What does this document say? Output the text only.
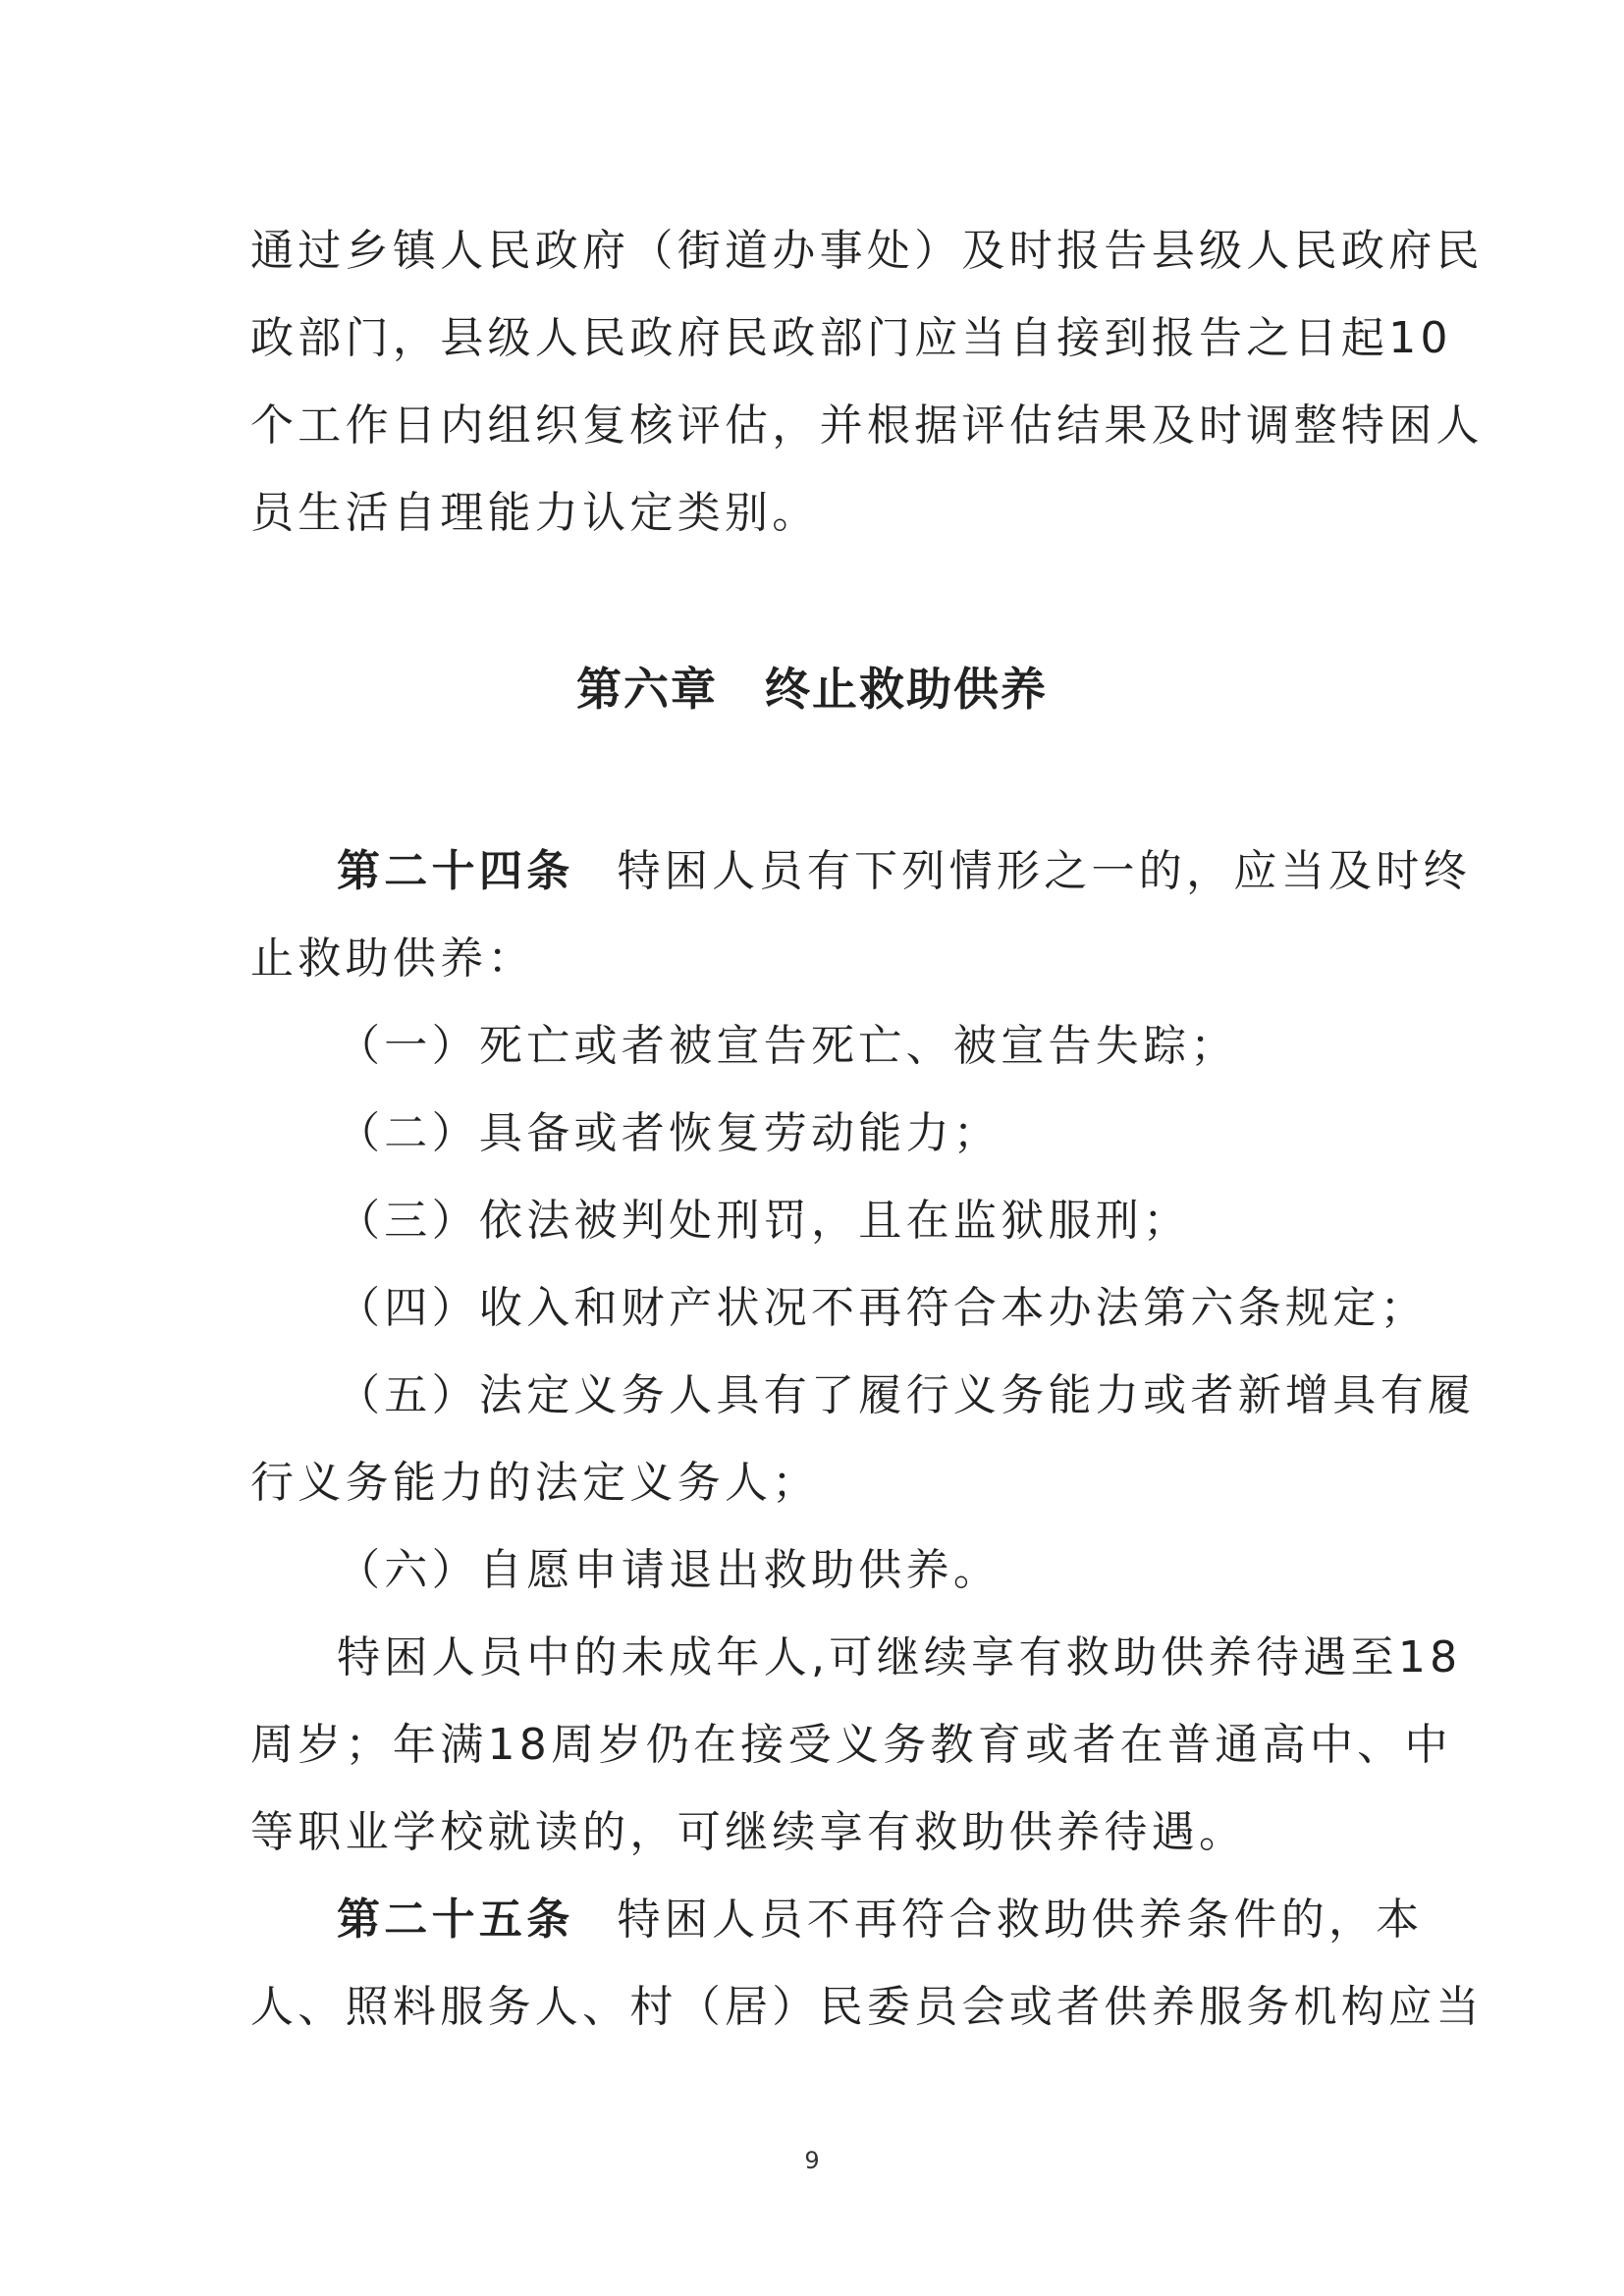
通过乡镇人民政府（街道办事处）及时报告县级人民政府民
政部门，县级人民政府民政部门应当自接到报告之日起10
个工作日内组织复核评估，并根据评估结果及时调整特困人
员生活自理能力认定类别。
第六章　终止救助供养
第二十四条 特困人员有下列情形之一的，应当及时终
止救助供养：
（一）死亡或者被宣告死亡、被宣告失踪；
（二）具备或者恢复劳动能力；
（三）依法被判处刑罚，且在监狱服刑；
（四）收入和财产状况不再符合本办法第六条规定；
（五）法定义务人具有了履行义务能力或者新增具有履
行义务能力的法定义务人；
（六）自愿申请退出救助供养。
特困人员中的未成年人,可继续享有救助供养待遇至18
周岁；年满18周岁仍在接受义务教育或者在普通高中、中
等职业学校就读的，可继续享有救助供养待遇。
第二十五条 特困人员不再符合救助供养条件的，本
人、照料服务人、村（居）民委员会或者供养服务机构应当
9
